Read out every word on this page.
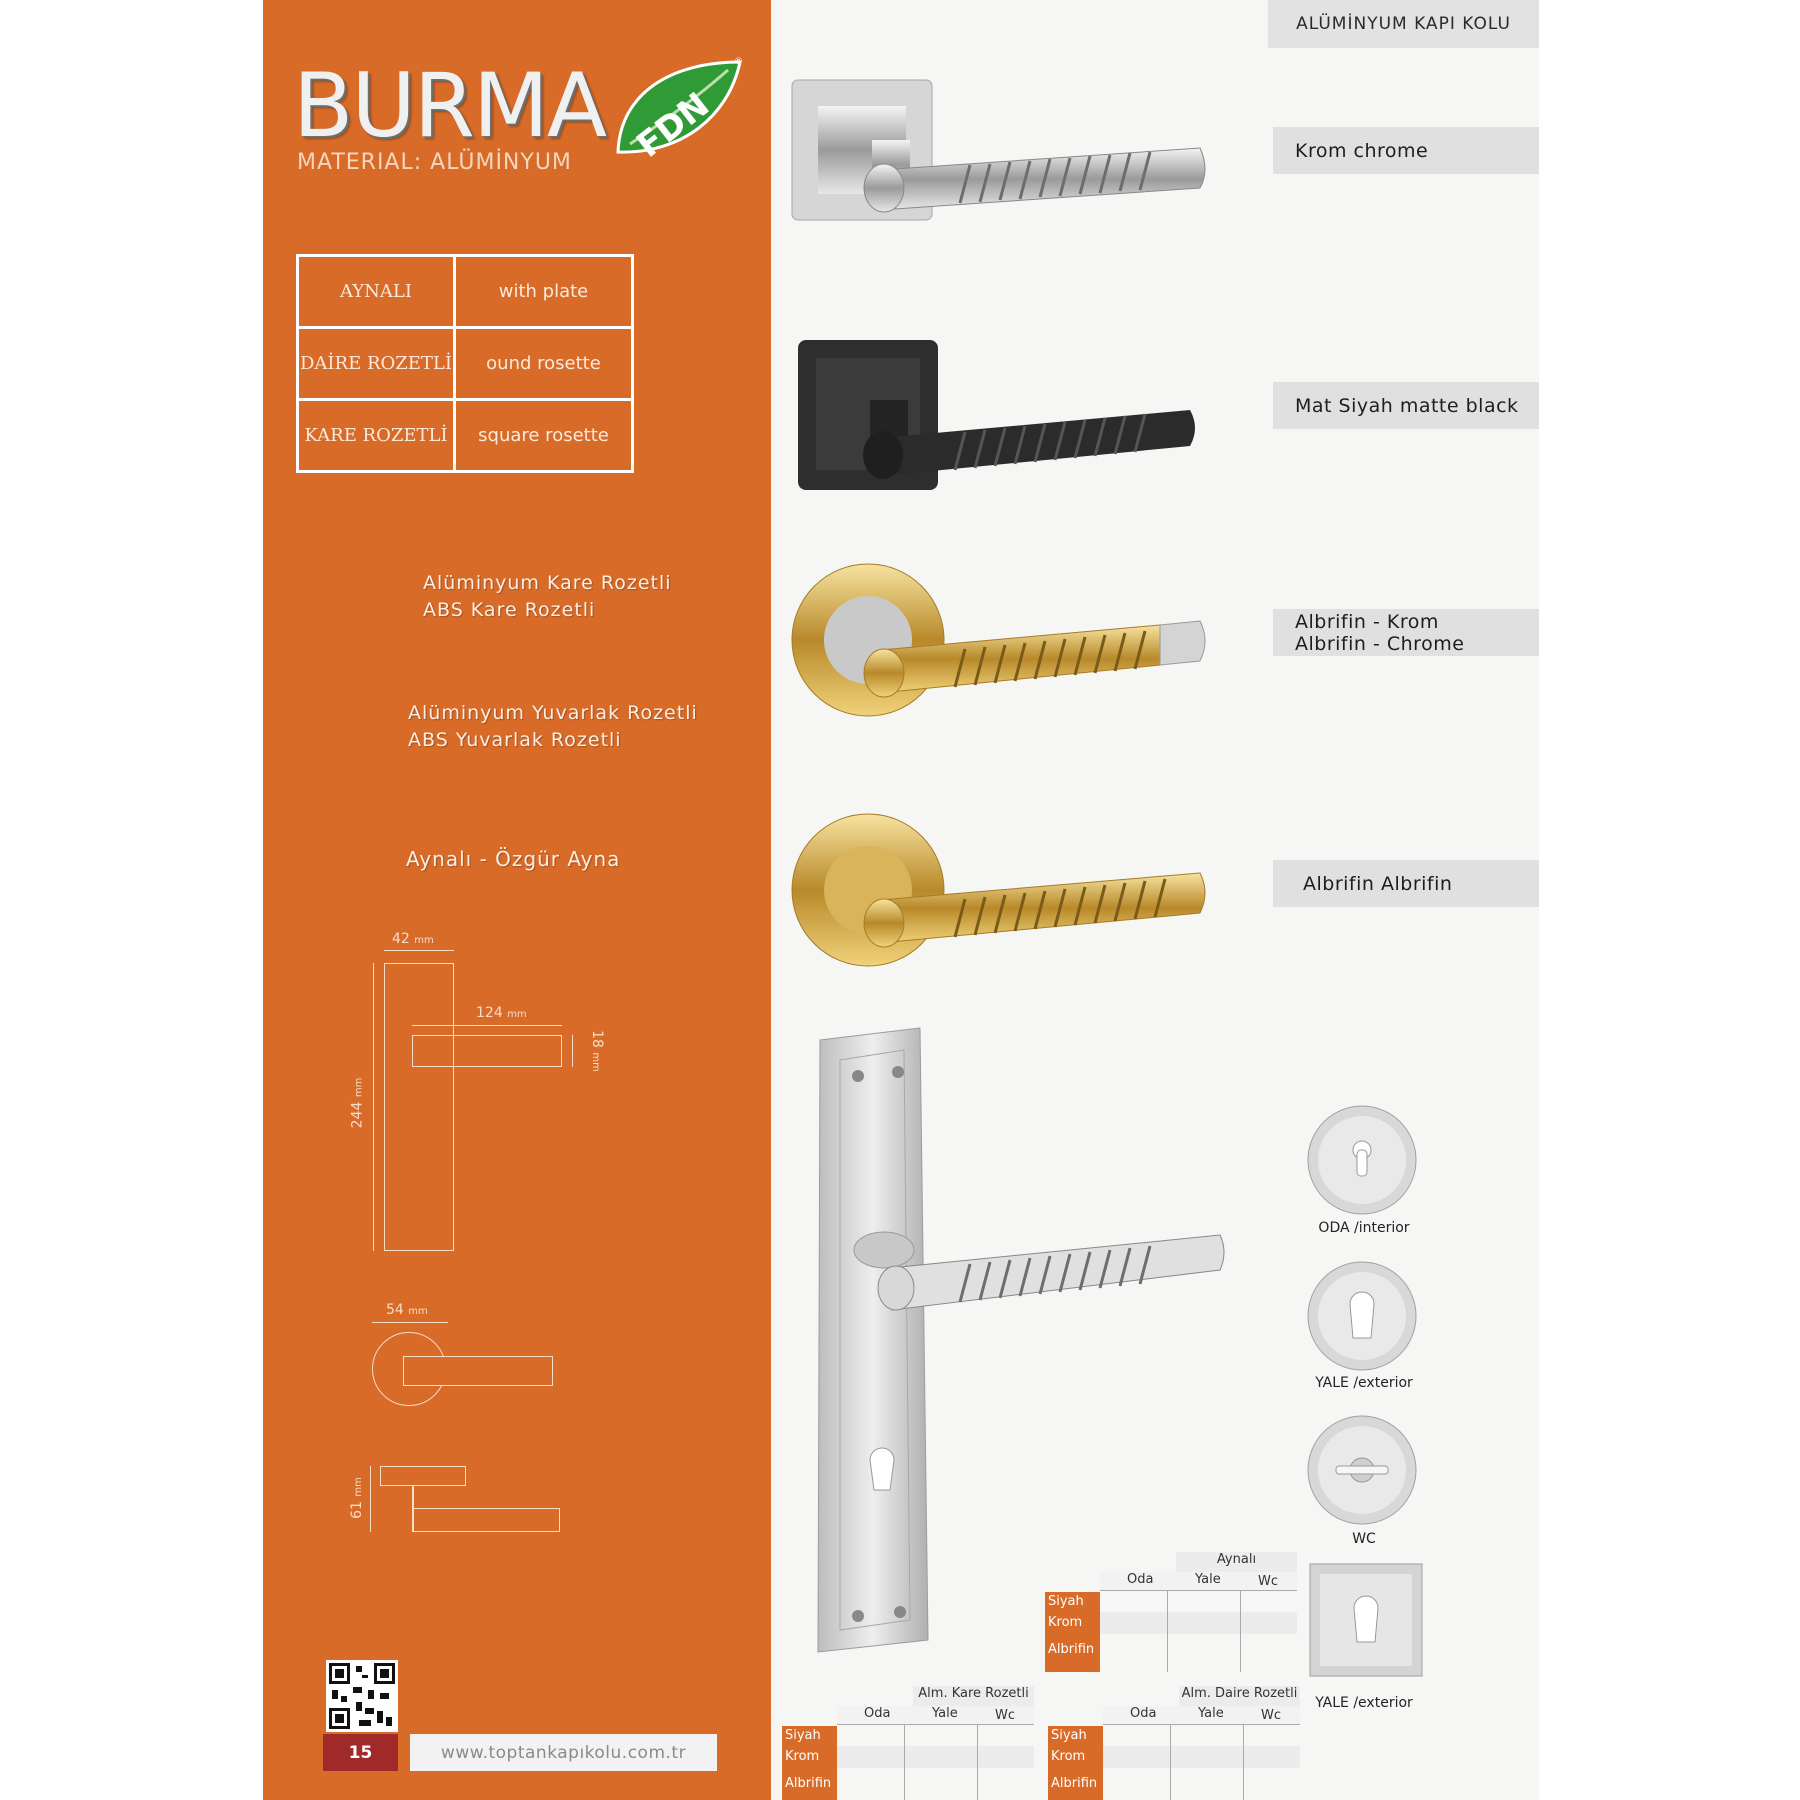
ALÜMİNYUM KAPI KOLU
BURMA
MATERIAL: ALÜMİNYUM FDN
®
AYNALI	with plate
DAİRE ROZETLİ	ound rosette
KARE ROZETLİ	square rosette
Alüminyum Kare Rozetli
ABS Kare Rozetli
Alüminyum Yuvarlak Rozetli
ABS Yuvarlak Rozetli
Aynalı - Özgür Ayna
42 mm
244 mm
124 mm
18 mm
54 mm
61 mm
15	www.toptankapıkolu.com.tr
Krom chrome
Mat Siyah matte black
Albrifin - Krom
Albrifin - Chrome
Albrifin Albrifin
ODA /interior
YALE /exterior
WC
YALE /exterior
Aynalı
Oda	Yale	Wc
Siyah
Krom
Albrifin
Alm. Kare Rozetli
Oda	Yale	Wc
Siyah
Krom
Albrifin
Alm. Daire Rozetli
Oda	Yale	Wc
Siyah
Krom
Albrifin
